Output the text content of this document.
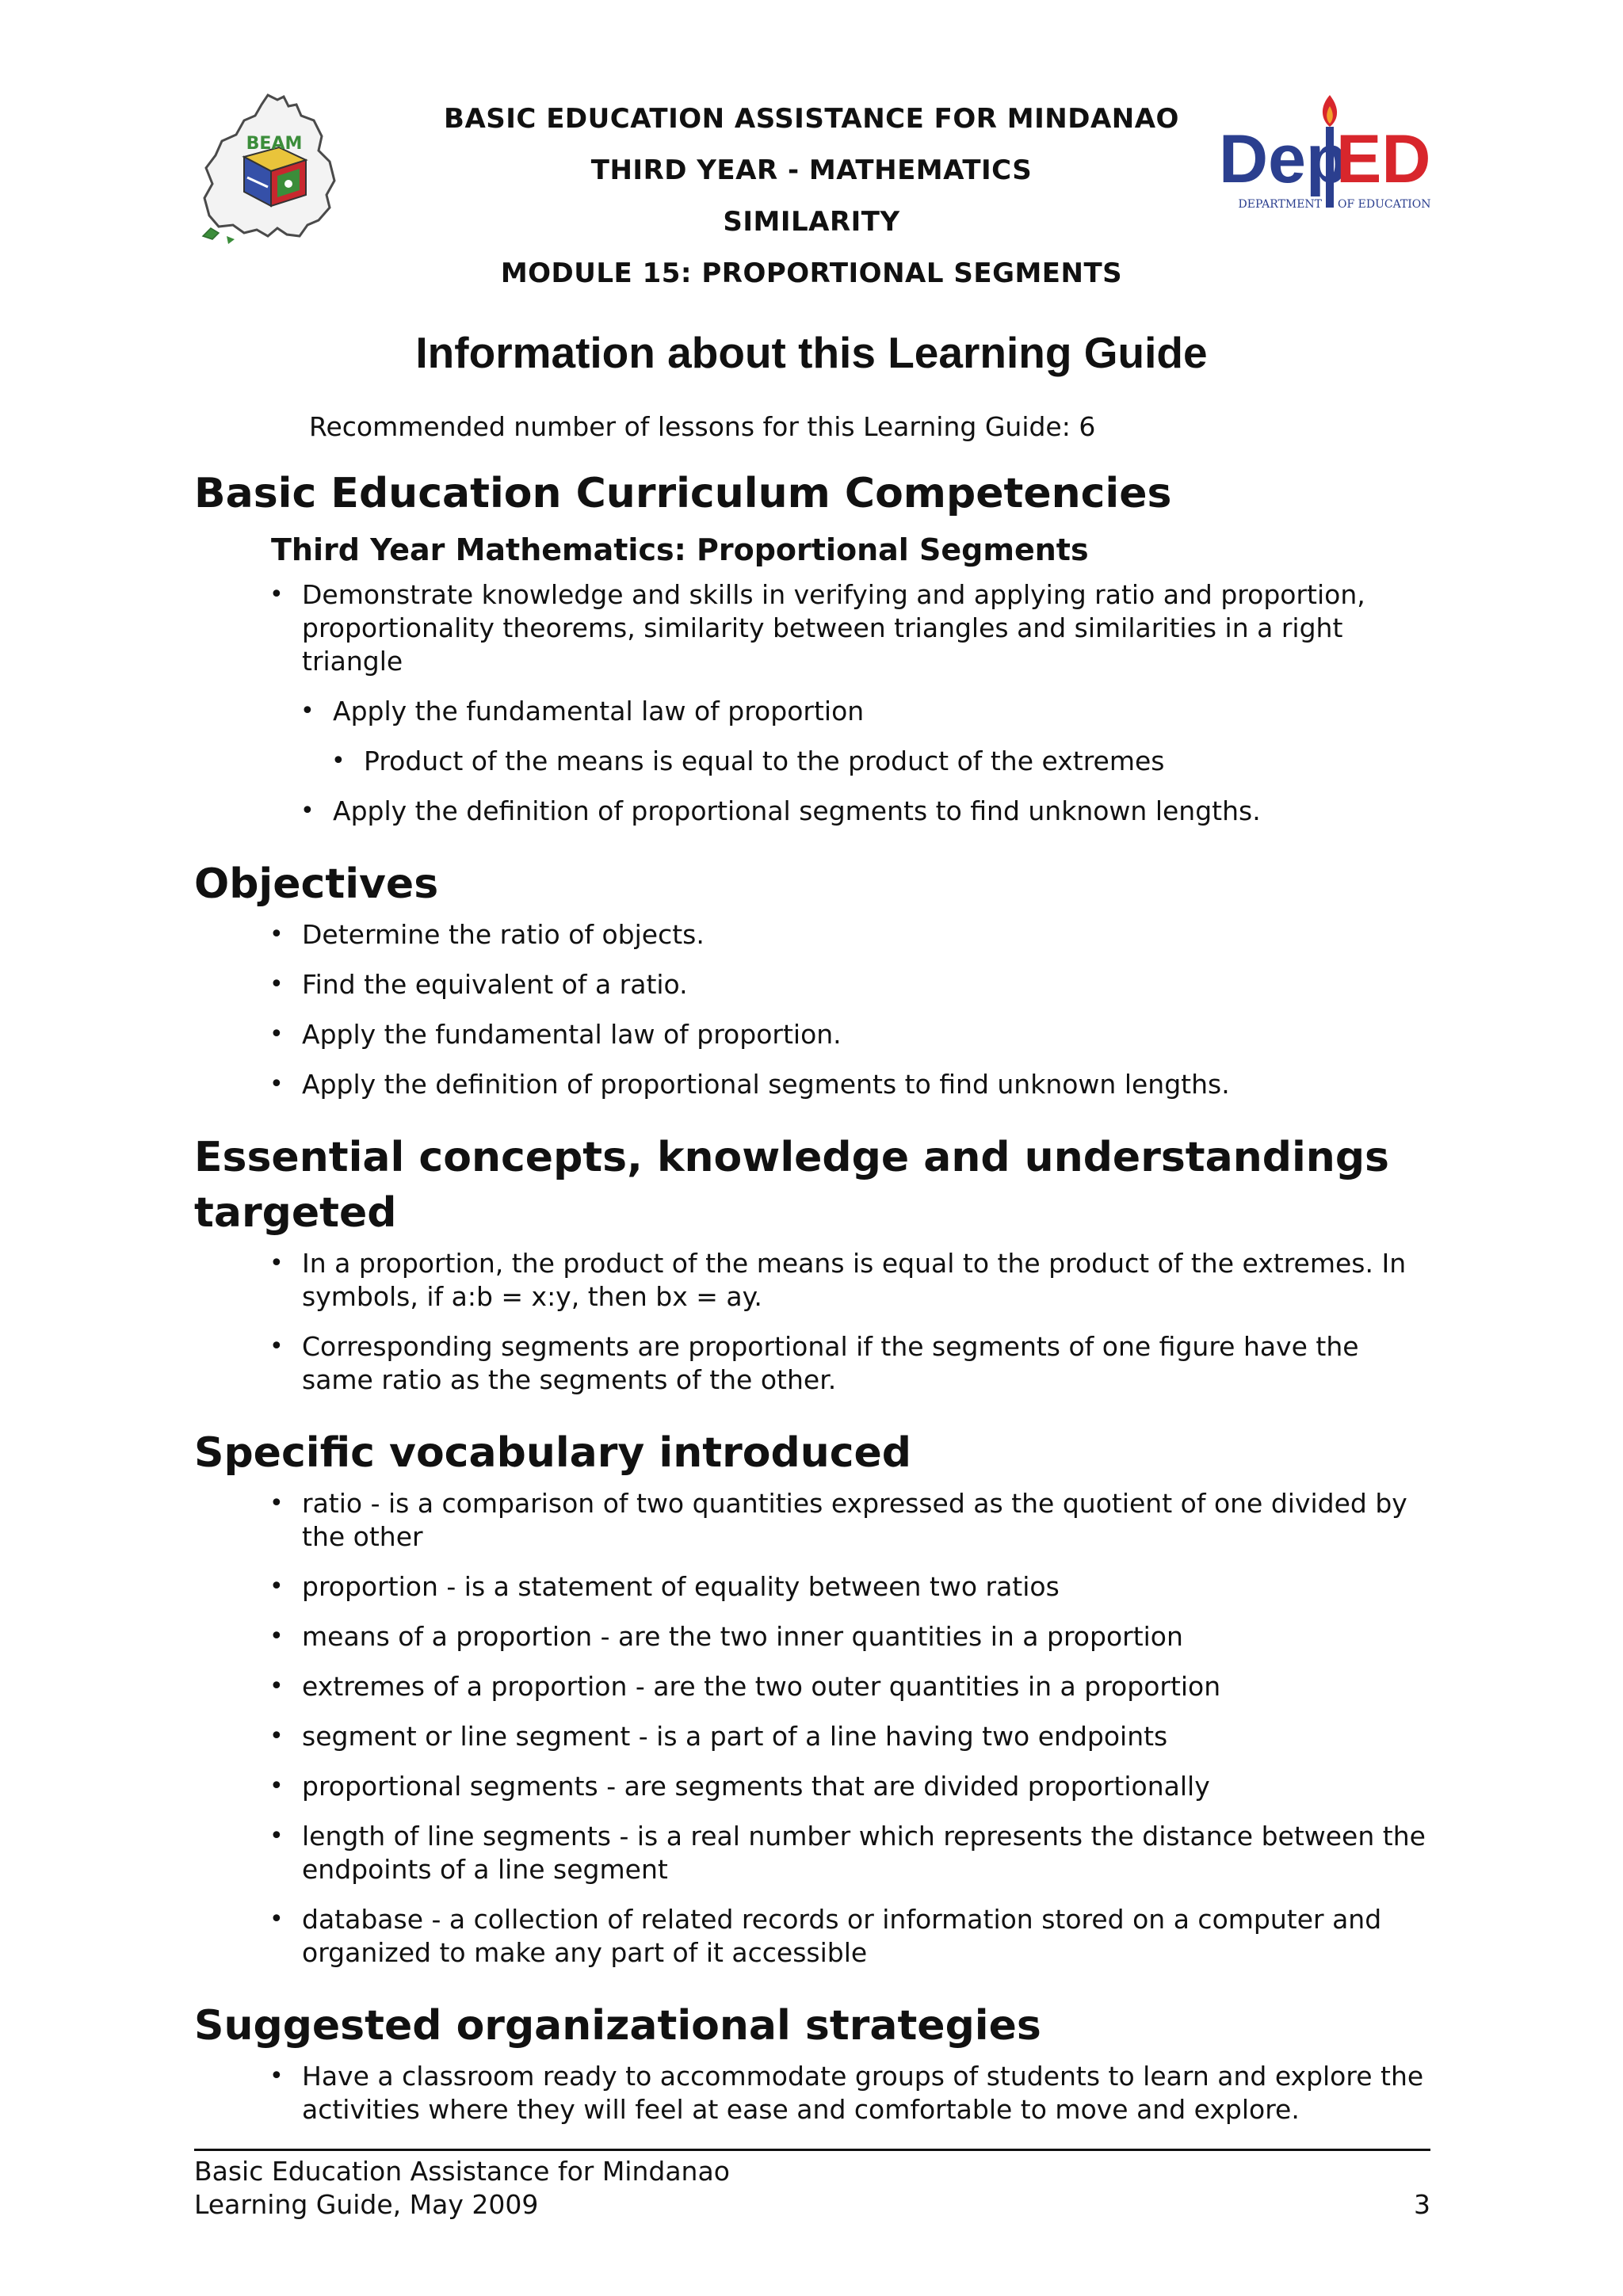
BEAM	Dep
ED
DEPARTMENT OF EDUCATION
BASIC EDUCATION ASSISTANCE FOR MINDANAO
THIRD YEAR - MATHEMATICS
SIMILARITY
MODULE 15: PROPORTIONAL SEGMENTS
Information about this Learning Guide
Recommended number of lessons for this Learning Guide: 6
Basic Education Curriculum Competencies
Third Year Mathematics: Proportional Segments
• Demonstrate knowledge and skills in verifying and applying ratio and proportion, proportionality theorems, similarity between triangles and similarities in a right triangle
• Apply the fundamental law of proportion
• Product of the means is equal to the product of the extremes
• Apply the definition of proportional segments to find unknown lengths.
Objectives
• Determine the ratio of objects.
• Find the equivalent of a ratio.
• Apply the fundamental law of proportion.
• Apply the definition of proportional segments to find unknown lengths.
Essential concepts, knowledge and understandings targeted
• In a proportion, the product of the means is equal to the product of the extremes. In symbols, if a:b = x:y, then bx = ay.
• Corresponding segments are proportional if the segments of one figure have the same ratio as the segments of the other.
Specific vocabulary introduced
• ratio - is a comparison of two quantities expressed as the quotient of one divided by the other
• proportion - is a statement of equality between two ratios
• means of a proportion - are the two inner quantities in a proportion
• extremes of a proportion - are the two outer quantities in a proportion
• segment or line segment - is a part of a line having two endpoints
• proportional segments - are segments that are divided proportionally
• length of line segments - is a real number which represents the distance between the endpoints of a line segment
• database - a collection of related records or information stored on a computer and organized to make any part of it accessible
Suggested organizational strategies
• Have a classroom ready to accommodate groups of students to learn and explore the activities where they will feel at ease and comfortable to move and explore.
Basic Education Assistance for Mindanao
Learning Guide, May 2009	3
